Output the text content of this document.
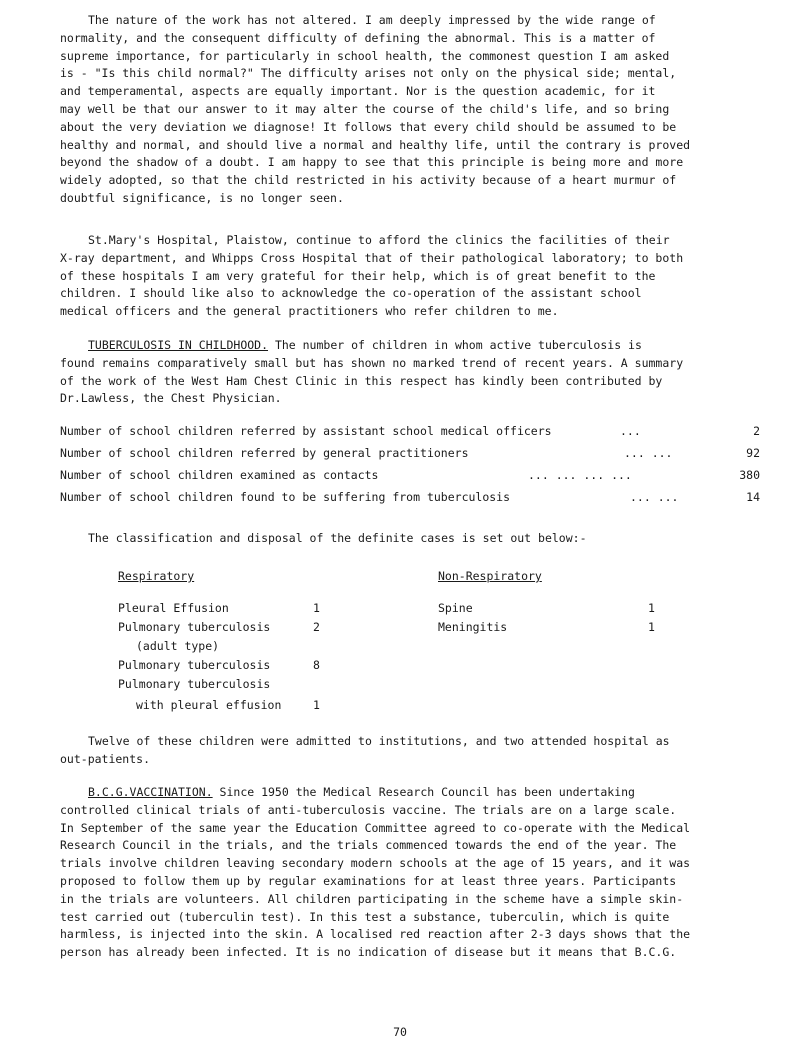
The nature of the work has not altered. I am deeply impressed by the wide range of
normality, and the consequent difficulty of defining the abnormal. This is a matter of
supreme importance, for particularly in school health, the commonest question I am asked
is - "Is this child normal?" The difficulty arises not only on the physical side; mental,
and temperamental, aspects are equally important. Nor is the question academic, for it
may well be that our answer to it may alter the course of the child's life, and so bring
about the very deviation we diagnose! It follows that every child should be assumed to be
healthy and normal, and should live a normal and healthy life, until the contrary is proved
beyond the shadow of a doubt. I am happy to see that this principle is being more and more
widely adopted, so that the child restricted in his activity because of a heart murmur of
doubtful significance, is no longer seen.
St.Mary's Hospital, Plaistow, continue to afford the clinics the facilities of their
X-ray department, and Whipps Cross Hospital that of their pathological laboratory; to both
of these hospitals I am very grateful for their help, which is of great benefit to the
children. I should like also to acknowledge the co-operation of the assistant school
medical officers and the general practitioners who refer children to me.
TUBERCULOSIS IN CHILDHOOD. The number of children in whom active tuberculosis is
found remains comparatively small but has shown no marked trend of recent years. A summary
of the work of the West Ham Chest Clinic in this respect has kindly been contributed by
Dr.Lawless, the Chest Physician.
Number of school children referred by assistant school medical officers	...	2
Number of school children referred by general practitioners	... ...	92
Number of school children examined as contacts	... ... ... ...	380
Number of school children found to be suffering from tuberculosis	... ...	14
The classification and disposal of the definite cases is set out below:-
Respiratory
Pleural Effusion	1
Pulmonary tuberculosis	2
(adult type)
Pulmonary tuberculosis	8
Pulmonary tuberculosis
with pleural effusion	1
Non-Respiratory
Spine	1
Meningitis	1
Twelve of these children were admitted to institutions, and two attended hospital as
out-patients.
B.C.G.VACCINATION. Since 1950 the Medical Research Council has been undertaking
controlled clinical trials of anti-tuberculosis vaccine. The trials are on a large scale.
In September of the same year the Education Committee agreed to co-operate with the Medical
Research Council in the trials, and the trials commenced towards the end of the year. The
trials involve children leaving secondary modern schools at the age of 15 years, and it was
proposed to follow them up by regular examinations for at least three years. Participants
in the trials are volunteers. All children participating in the scheme have a simple skin-
test carried out (tuberculin test). In this test a substance, tuberculin, which is quite
harmless, is injected into the skin. A localised red reaction after 2-3 days shows that the
person has already been infected. It is no indication of disease but it means that B.C.G.
70
